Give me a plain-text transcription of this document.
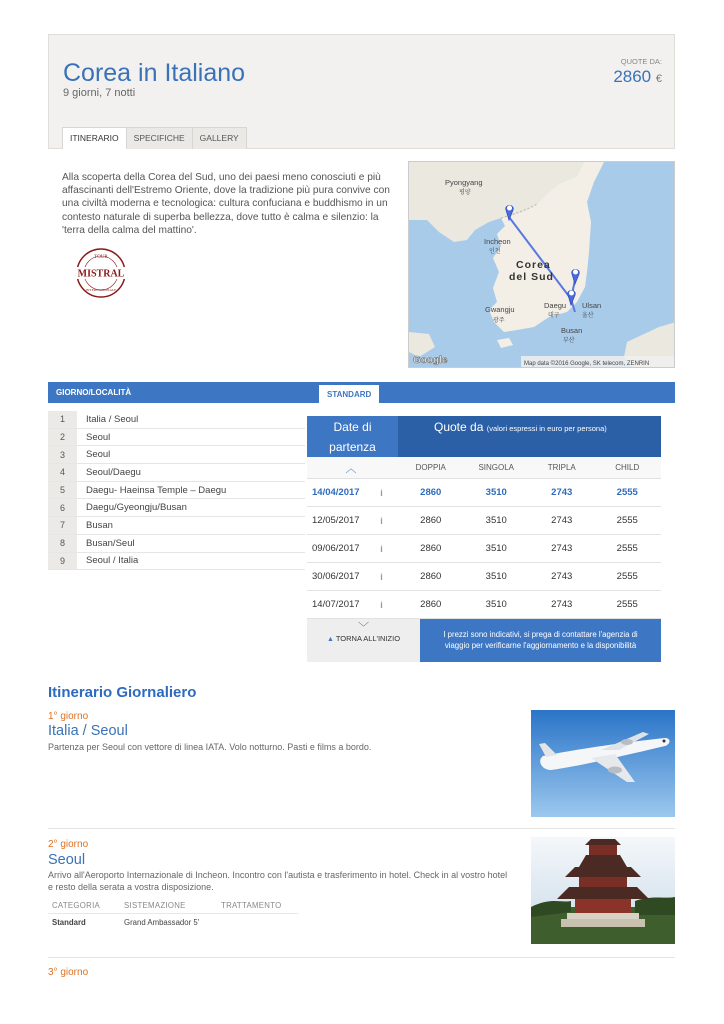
Corea in Italiano
9 giorni, 7 notti
QUOTE DA:
2860 €
ITINERARIO	SPECIFICHE	GALLERY

Alla scoperta della Corea del Sud, uno dei paesi meno conosciuti e più affascinanti dell'Estremo Oriente, dove la tradizione più pura convive con una civiltà moderna e tecnologica: cultura confuciana e buddhismo in un contesto naturale di superba bellezza, dove tutto è calma e silenzio: la 'terra della calma del mattino'.

MISTRAL
TOUR
INTERNAZIONALE
Pyongyang
평양
Incheon
인천
Corea
del Sud
Gwangju
광주
Daegu
대구
Ulsan
울산
Busan
부산
Google	Map data ©2016 Google, SK telecom, ZENRIN
GIORNO/LOCALITÀ	STANDARD
1	Italia / Seoul
2	Seoul
3	Seoul
4	Seoul/Daegu
5	Daegu- Haeinsa Temple – Daegu
6	Daegu/Gyeongju/Busan
7	Busan
8	Busan/Seul
9	Seoul / Italia
Date di
partenza
Quote da (valori espressi in euro per persona)
︿	DOPPIA	SINGOLA	TRIPLA	CHILD
14/04/2017	i	2860	3510	2743	2555
12/05/2017	i	2860	3510	2743	2555
09/06/2017	i	2860	3510	2743	2555
30/06/2017	i	2860	3510	2743	2555
14/07/2017	i	2860	3510	2743	2555
﹀
▲ TORNA ALL'INIZIO	I prezzi sono indicativi, si prega di contattare l'agenzia di viaggio per verificarne l'aggiornamento e la disponibilità
Itinerario Giornaliero
1° giorno
Italia / Seoul

Partenza per Seoul con vettore di linea IATA. Volo notturno. Pasti e films a bordo.

2° giorno
Seoul

Arrivo all'Aeroporto Internazionale di Incheon. Incontro con l'autista e trasferimento in hotel. Check in al vostro hotel e resto della serata a vostra disposizione.

CATEGORIA	SISTEMAZIONE	TRATTAMENTO
Standard	Grand Ambassador 5'
3° giorno
